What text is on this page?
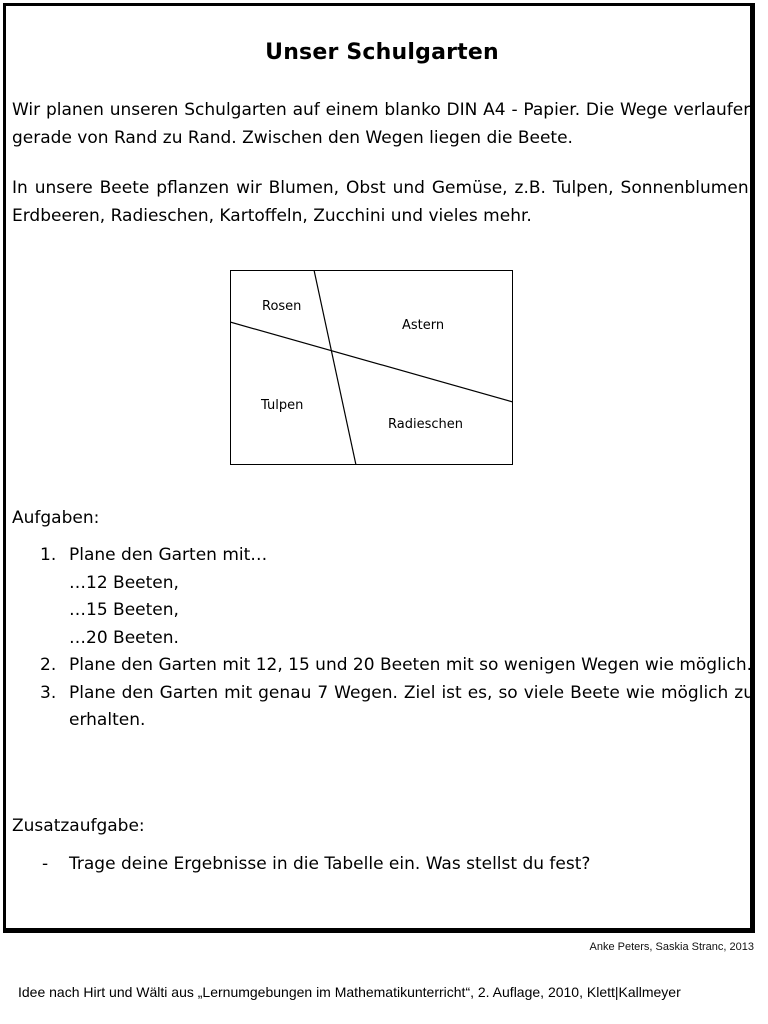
Unser Schulgarten

Wir planen unseren Schulgarten auf einem blanko DIN A4 - Papier. Die Wege verlaufen gerade von Rand zu Rand. Zwischen den Wegen liegen die Beete.

In unsere Beete pflanzen wir Blumen, Obst und Gemüse, z.B. Tulpen, Sonnenblumen, Erdbeeren, Radieschen, Kartoffeln, Zucchini und vieles mehr.

Rosen
Astern
Tulpen
Radieschen
Aufgaben:
1. Plane den Garten mit…
…12 Beeten,
…15 Beeten,
…20 Beeten.
2. Plane den Garten mit 12, 15 und 20 Beeten mit so wenigen Wegen wie möglich.
3. Plane den Garten mit genau 7 Wegen. Ziel ist es, so viele Beete wie möglich zu erhalten.
Zusatzaufgabe:
-	Trage deine Ergebnisse in die Tabelle ein. Was stellst du fest?
Anke Peters, Saskia Stranc, 2013

Idee nach Hirt und Wälti aus „Lernumgebungen im Mathematikunterricht“, 2. Auflage, 2010, Klett|Kallmeyer
